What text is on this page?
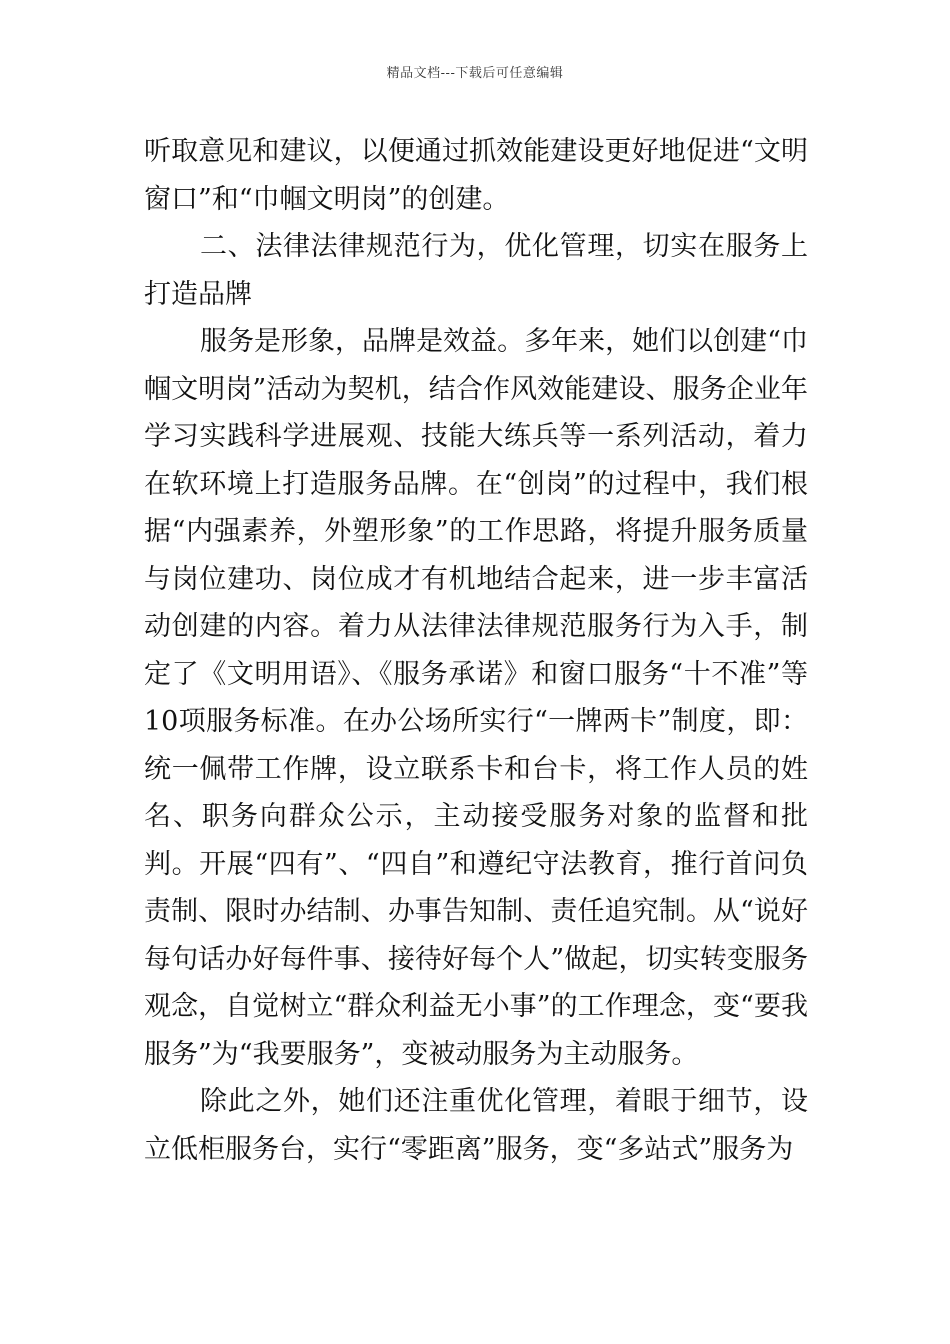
精品文档---下载后可任意编辑

听取意见和建议，以便通过抓效能建设更好地促进“文明窗口”和“巾帼文明岗”的创建。

二、法律法律规范行为，优化管理，切实在服务上打造品牌

服务是形象，品牌是效益。多年来，她们以创建“巾帼文明岗”活动为契机，结合作风效能建设、服务企业年学习实践科学进展观、技能大练兵等一系列活动，着力在软环境上打造服务品牌。在“创岗”的过程中，我们根据“内强素养，外塑形象”的工作思路，将提升服务质量与岗位建功、岗位成才有机地结合起来，进一步丰富活动创建的内容。着力从法律法律规范服务行为入手，制定了《文明用语》、《服务承诺》和窗口服务“十不准”等10项服务标准。在办公场所实行“一牌两卡”制度，即：统一佩带工作牌，设立联系卡和台卡，将工作人员的姓名、职务向群众公示，主动接受服务对象的监督和批判。开展“四有”、“四自”和遵纪守法教育，推行首问负责制、限时办结制、办事告知制、责任追究制。从“说好每句话办好每件事、接待好每个人”做起，切实转变服务观念，自觉树立“群众利益无小事”的工作理念，变“要我服务”为“我要服务”，变被动服务为主动服务。

除此之外，她们还注重优化管理，着眼于细节，设立低柜服务台，实行“零距离”服务，变“多站式”服务为
